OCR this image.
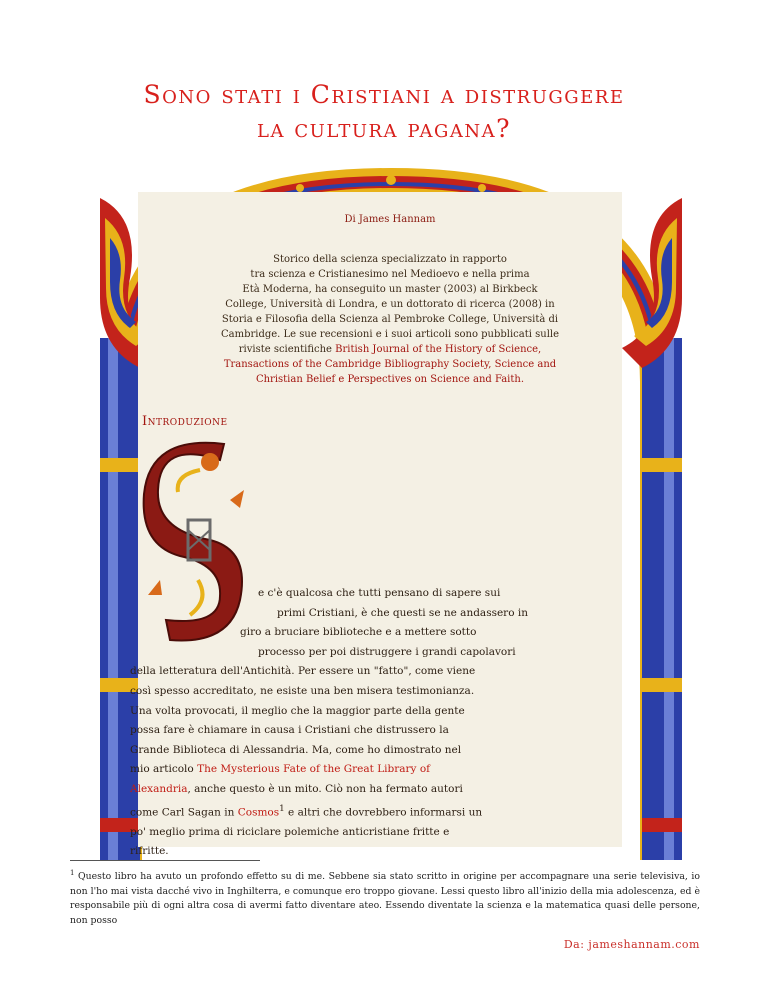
Sono stati i Cristiani a distruggere
la cultura pagana?
Di James Hannam
Storico della scienza specializzato in rapporto
tra scienza e Cristianesimo nel Medioevo e nella prima
Età Moderna, ha conseguito un master (2003) al Birkbeck
College, Università di Londra, e un dottorato di ricerca (2008) in
Storia e Filosofia della Scienza al Pembroke College, Università di
Cambridge. Le sue recensioni e i suoi articoli sono pubblicati sulle
riviste scientifiche British Journal of the History of Science,
Transactions of the Cambridge Bibliography Society, Science and
Christian Belief e Perspectives on Science and Faith.
Introduzione
S
e c'è qualcosa che tutti pensano di sapere sui
primi Cristiani, è che questi se ne andassero in
giro a bruciare biblioteche e a mettere sotto
processo per poi distruggere i grandi capolavori
della letteratura dell'Antichità. Per essere un "fatto", come viene
così spesso accreditato, ne esiste una ben misera testimonianza.
Una volta provocati, il meglio che la maggior parte della gente
possa fare è chiamare in causa i Cristiani che distrussero la
Grande Biblioteca di Alessandria. Ma, come ho dimostrato nel
mio articolo The Mysterious Fate of the Great Library of
Alexandria, anche questo è un mito. Ciò non ha fermato autori
come Carl Sagan in Cosmos$^1$ e altri che dovrebbero informarsi un
po' meglio prima di riciclare polemiche anticristiane fritte e
rifritte.
$^1$ Questo libro ha avuto un profondo effetto su di me. Sebbene sia stato scritto in origine per accompagnare una serie televisiva, io non l'ho mai vista dacché vivo in Inghilterra, e comunque ero troppo giovane. Lessi questo libro all'inizio della mia adolescenza, ed è responsabile più di ogni altra cosa di avermi fatto diventare ateo. Essendo diventate la scienza e la matematica quasi delle persone, non posso
Da: jameshannam.com
